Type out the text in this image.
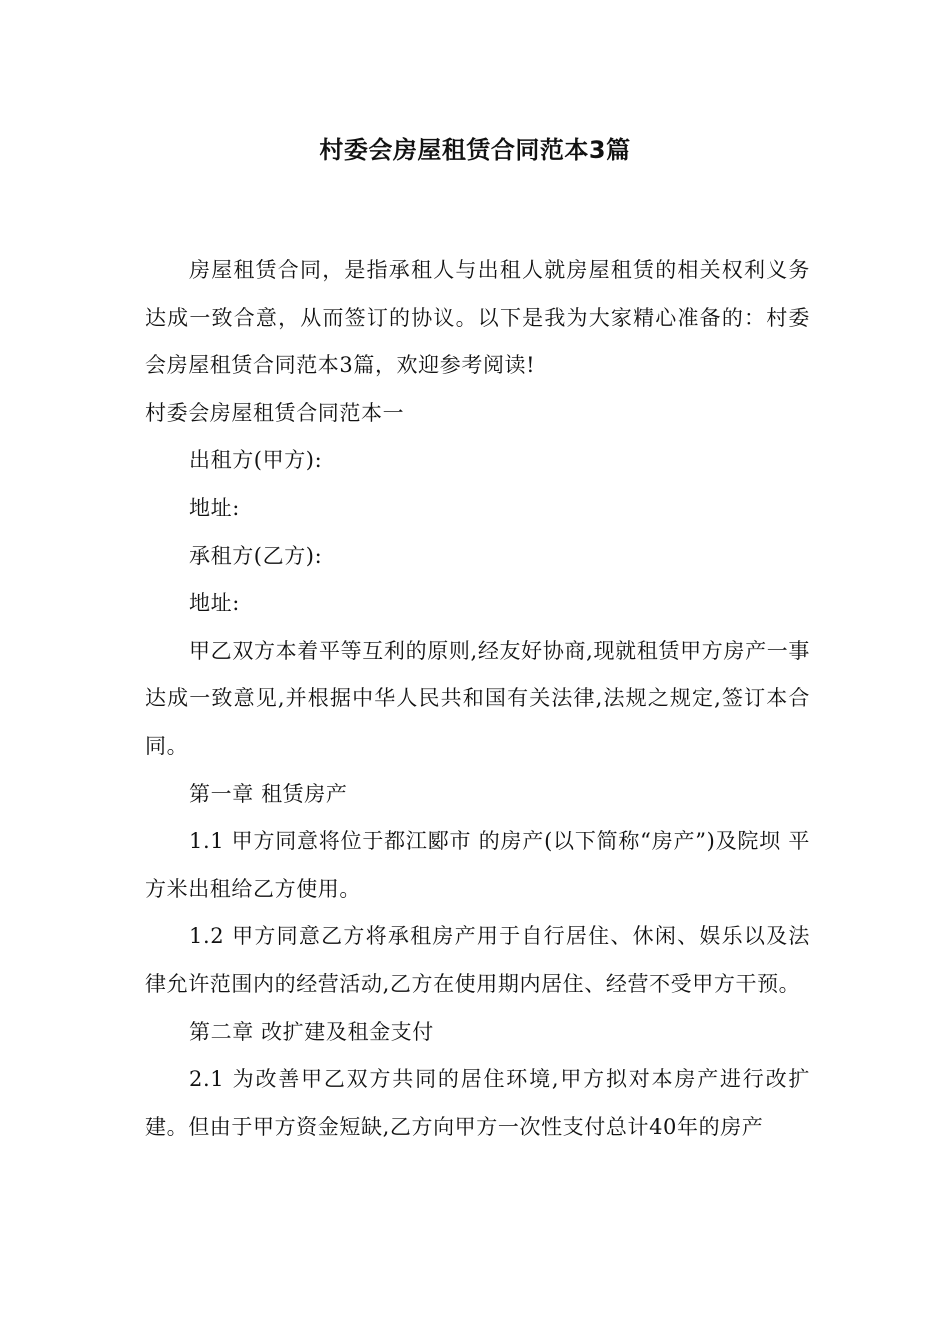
村委会房屋租赁合同范本3篇

房屋租赁合同，是指承租人与出租人就房屋租赁的相关权利义务达成一致合意，从而签订的协议。以下是我为大家精心准备的：村委会房屋租赁合同范本3篇，欢迎参考阅读!

村委会房屋租赁合同范本一

出租方(甲方):

地址:

承租方(乙方):

地址:

甲乙双方本着平等互利的原则,经友好协商,现就租赁甲方房产一事达成一致意见,并根据中华人民共和国有关法律,法规之规定,签订本合同。

第一章 租赁房产

1.1 甲方同意将位于都江郾市 的房产(以下简称“房产”)及院坝 平方米出租给乙方使用。

1.2 甲方同意乙方将承租房产用于自行居住、休闲、娱乐以及法律允许范围内的经营活动,乙方在使用期内居住、经营不受甲方干预。

第二章 改扩建及租金支付

2.1 为改善甲乙双方共同的居住环境,甲方拟对本房产进行改扩建。但由于甲方资金短缺,乙方向甲方一次性支付总计40年的房产
